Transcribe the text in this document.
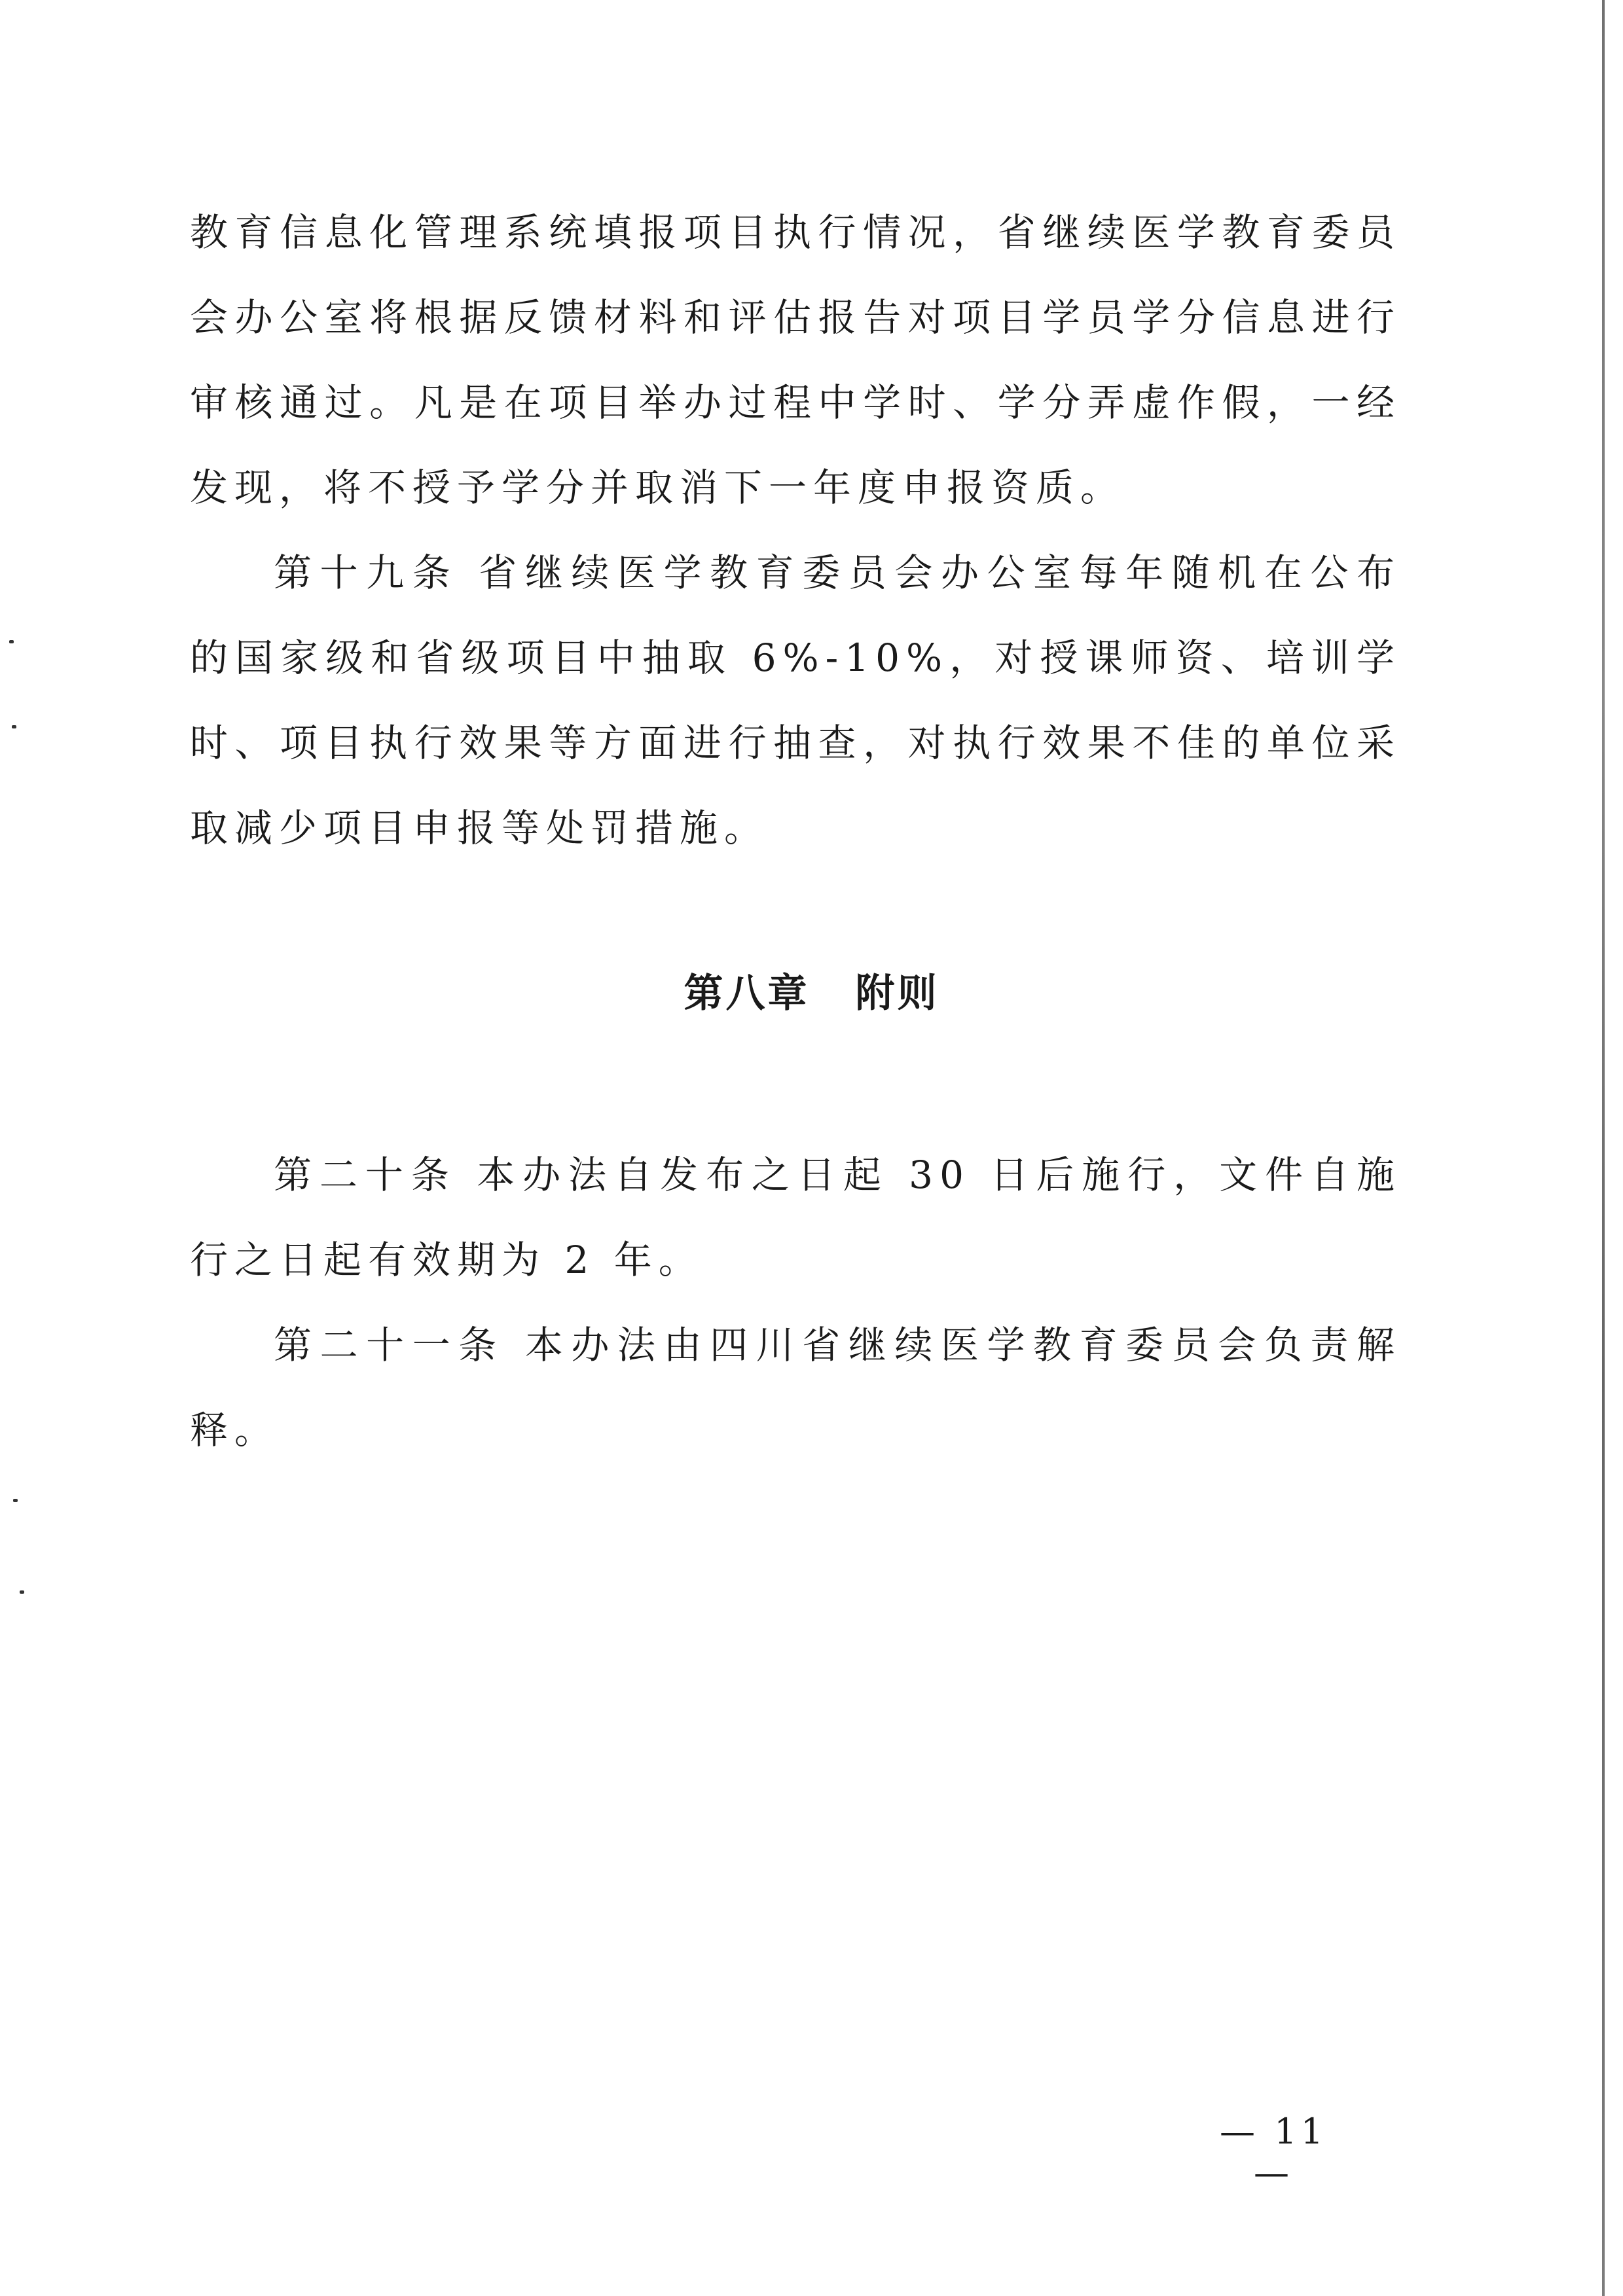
教育信息化管理系统填报项目执行情况，省继续医学教育委员会办公室将根据反馈材料和评估报告对项目学员学分信息进行审核通过。凡是在项目举办过程中学时、学分弄虚作假，一经发现，将不授予学分并取消下一年度申报资质。

第十九条 省继续医学教育委员会办公室每年随机在公布的国家级和省级项目中抽取 6%-10%，对授课师资、培训学时、项目执行效果等方面进行抽查，对执行效果不佳的单位采取减少项目申报等处罚措施。

第八章 附则

第二十条 本办法自发布之日起 30 日后施行，文件自施行之日起有效期为 2 年。

第二十一条 本办法由四川省继续医学教育委员会负责解释。

— 11 —
